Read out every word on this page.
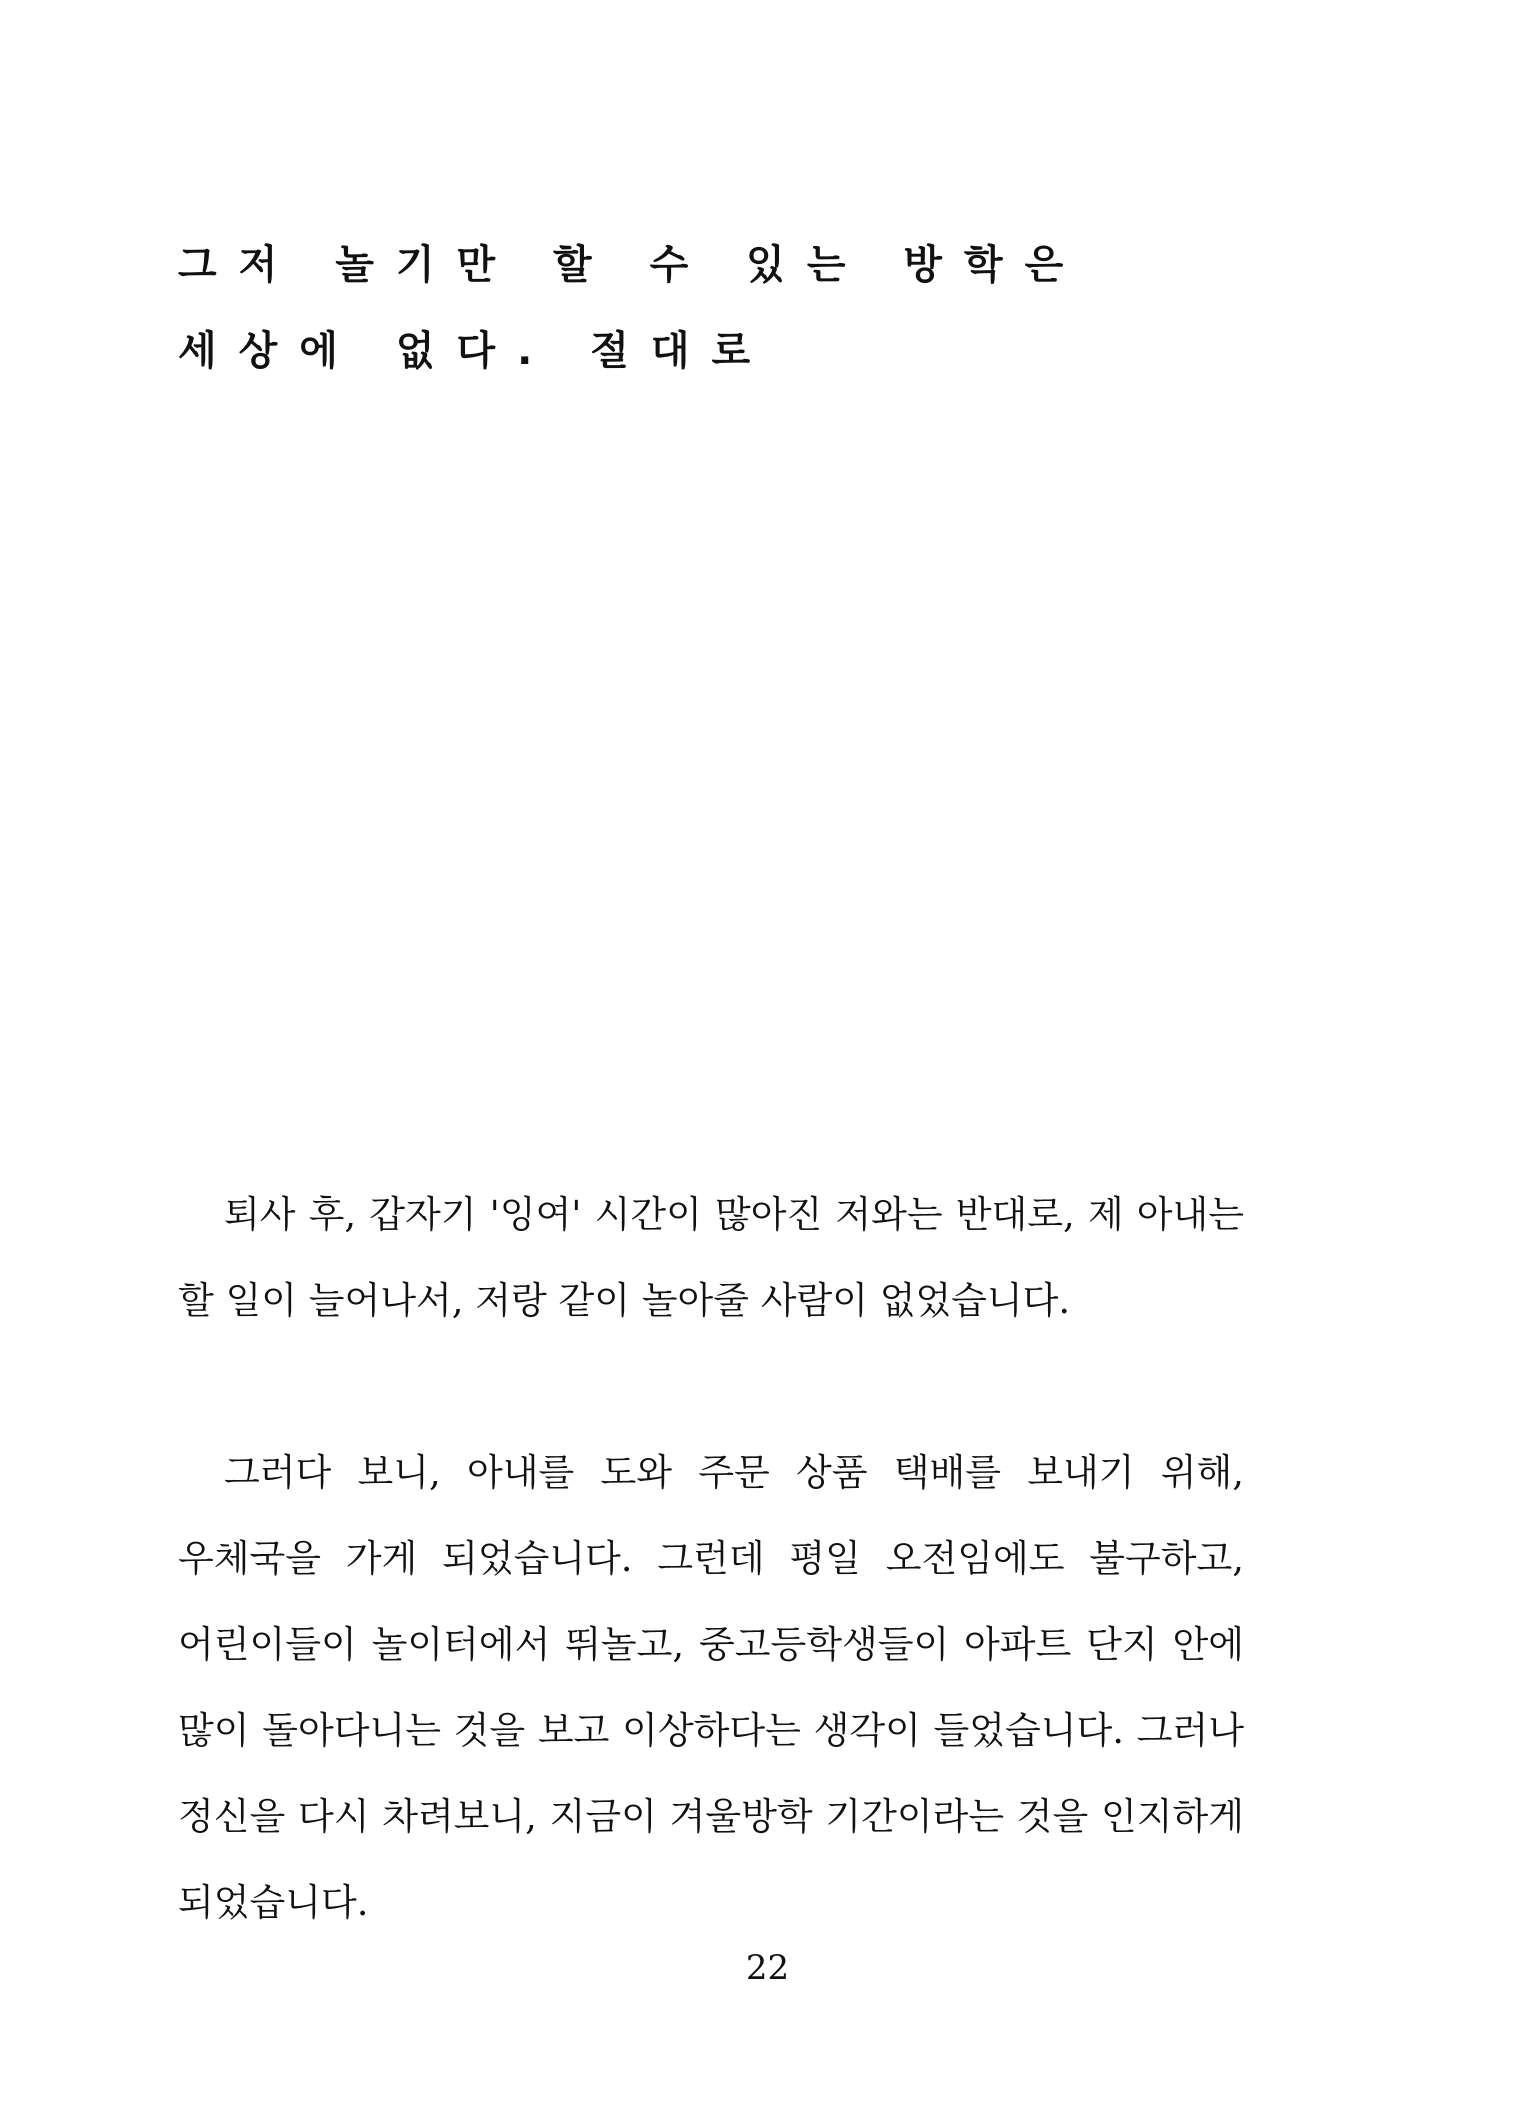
그저 놀기만 할 수 있는 방학은
세상에 없다. 절대로

퇴사 후, 갑자기 '잉여' 시간이 많아진 저와는 반대로, 제 아내는 할 일이 늘어나서, 저랑 같이 놀아줄 사람이 없었습니다.

그러다 보니, 아내를 도와 주문 상품 택배를 보내기 위해, 우체국을 가게 되었습니다. 그런데 평일 오전임에도 불구하고, 어린이들이 놀이터에서 뛰놀고, 중고등학생들이 아파트 단지 안에 많이 돌아다니는 것을 보고 이상하다는 생각이 들었습니다. 그러나 정신을 다시 차려보니, 지금이 겨울방학 기간이라는 것을 인지하게 되었습니다.

22
